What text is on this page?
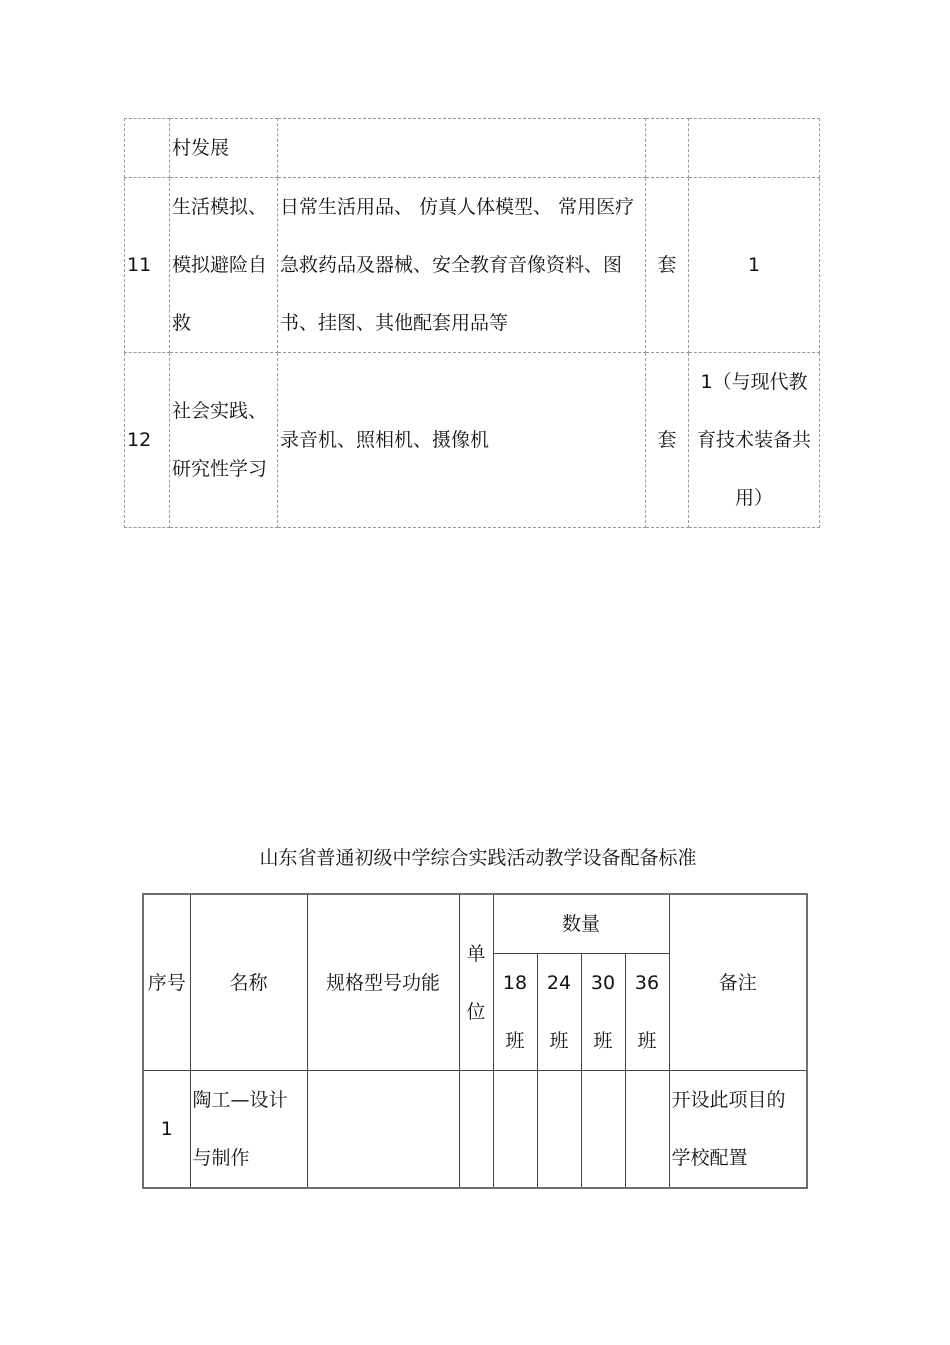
	村发展			

11	生活模拟、模拟避险自救	日常生活用品、 仿真人体模型、 常用医疗急救药品及器械、安全教育音像资料、图书、挂图、其他配套用品等	套	1
12	社会实践、研究性学习	录音机、照相机、摄像机	套	1（与现代教育技术装备共用）
山东省普通初级中学综合实践活动教学设备配备标准
序号	名称	规格型号功能	单位	数量				备注

				18班	24班	30班	36班	

1	陶工—设计与制作							开设此项目的学校配置
